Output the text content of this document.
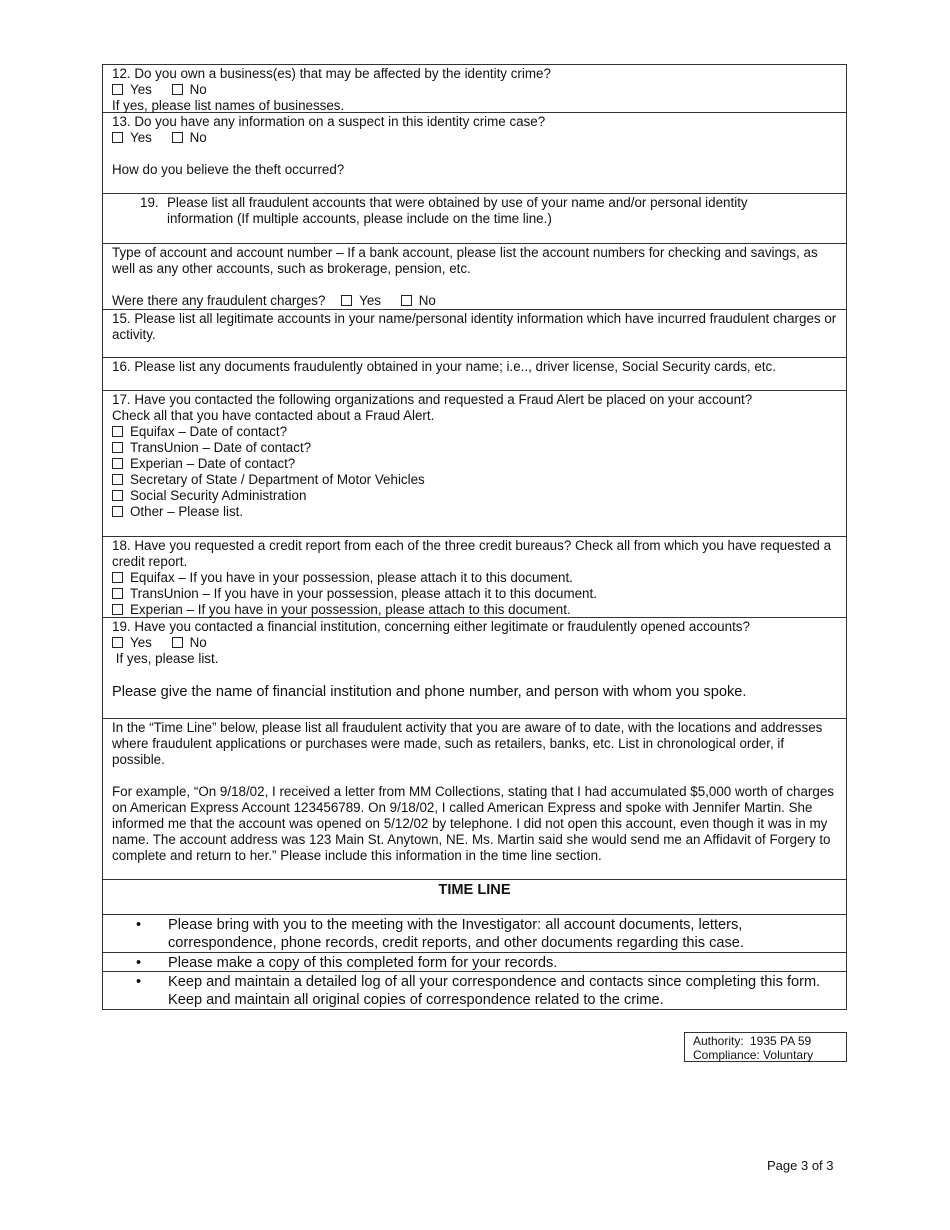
12. Do you own a business(es) that may be affected by the identity crime?
Yes	No
If yes, please list names of businesses.
13. Do you have any information on a suspect in this identity crime case?
Yes	No
How do you believe the theft occurred?
19. Please list all fraudulent accounts that were obtained by use of your name and/or personal identity
information (If multiple accounts, please include on the time line.)
Type of account and account number – If a bank account, please list the account numbers for checking and savings, as well as any other accounts, such as brokerage, pension, etc.
Were there any fraudulent charges?	Yes	No
15. Please list all legitimate accounts in your name/personal identity information which have incurred fraudulent charges or activity.
16. Please list any documents fraudulently obtained in your name; i.e.., driver license, Social Security cards, etc.
17. Have you contacted the following organizations and requested a Fraud Alert be placed on your account?
Check all that you have contacted about a Fraud Alert.
Equifax – Date of contact?
TransUnion – Date of contact?
Experian – Date of contact?
Secretary of State / Department of Motor Vehicles
Social Security Administration
Other – Please list.
18. Have you requested a credit report from each of the three credit bureaus? Check all from which you have requested a credit report.
Equifax – If you have in your possession, please attach it to this document.
TransUnion – If you have in your possession, please attach it to this document.
Experian – If you have in your possession, please attach to this document.
19. Have you contacted a financial institution, concerning either legitimate or fraudulently opened accounts?
Yes	No
If yes, please list.
Please give the name of financial institution and phone number, and person with whom you spoke.
In the “Time Line” below, please list all fraudulent activity that you are aware of to date, with the locations and addresses where fraudulent applications or purchases were made, such as retailers, banks, etc. List in chronological order, if possible.
For example, “On 9/18/02, I received a letter from MM Collections, stating that I had accumulated $5,000 worth of charges on American Express Account 123456789. On 9/18/02, I called American Express and spoke with Jennifer Martin. She informed me that the account was opened on 5/12/02 by telephone. I did not open this account, even though it was in my name. The account address was 123 Main St. Anytown, NE. Ms. Martin said she would send me an Affidavit of Forgery to complete and return to her.” Please include this information in the time line section.
TIME LINE
•	Please bring with you to the meeting with the Investigator: all account documents, letters, correspondence, phone records, credit reports, and other documents regarding this case.
•	Please make a copy of this completed form for your records.
•	Keep and maintain a detailed log of all your correspondence and contacts since completing this form. Keep and maintain all original copies of correspondence related to the crime.
Authority: 1935 PA 59
Compliance: Voluntary
Page 3 of 3
